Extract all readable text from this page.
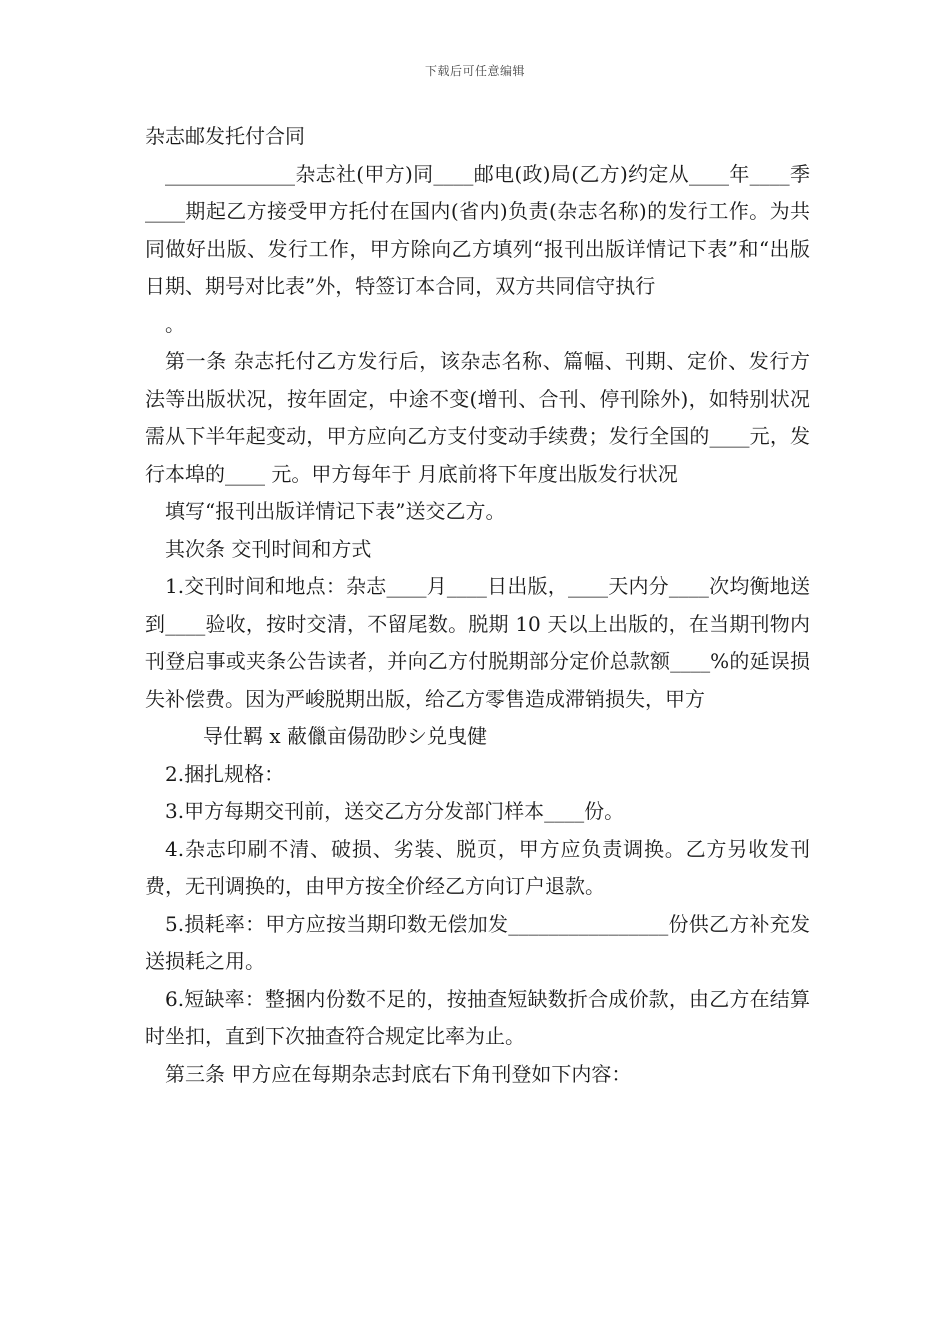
下载后可任意编辑
杂志邮发托付合同

_____________杂志社(甲方)同____邮电(政)局(乙方)约定从____年____季____期起乙方接受甲方托付在国内(省内)负责(杂志名称)的发行工作。为共同做好出版、发行工作，甲方除向乙方填列“报刊出版详情记下表”和“出版日期、期号对比表”外，特签订本合同，双方共同信守执行

。

第一条 杂志托付乙方发行后，该杂志名称、篇幅、刊期、定价、发行方法等出版状况，按年固定，中途不变(增刊、合刊、停刊除外)，如特别状况需从下半年起变动，甲方应向乙方支付变动手续费；发行全国的____元，发行本埠的____ 元。甲方每年于 月底前将下年度出版发行状况

填写“报刊出版详情记下表”送交乙方。

其次条 交刊时间和方式

1.交刊时间和地点：杂志____月____日出版，____天内分____次均衡地送到____验收，按时交清，不留尾数。脱期 10 天以上出版的，在当期刊物内刊登启事或夹条公告读者，并向乙方付脱期部分定价总款额____%的延误损失补偿费。因为严峻脱期出版，给乙方零售造成滞销损失，甲方

导仕羁 x 蔽儠亩偒劭眇シ兑曳健

2.捆扎规格：

3.甲方每期交刊前，送交乙方分发部门样本____份。

4.杂志印刷不清、破损、劣装、脱页，甲方应负责调换。乙方另收发刊费，无刊调换的，由甲方按全价经乙方向订户退款。

5.损耗率：甲方应按当期印数无偿加发________________份供乙方补充发送损耗之用。

6.短缺率：整捆内份数不足的，按抽查短缺数折合成价款，由乙方在结算时坐扣，直到下次抽查符合规定比率为止。

第三条 甲方应在每期杂志封底右下角刊登如下内容：
